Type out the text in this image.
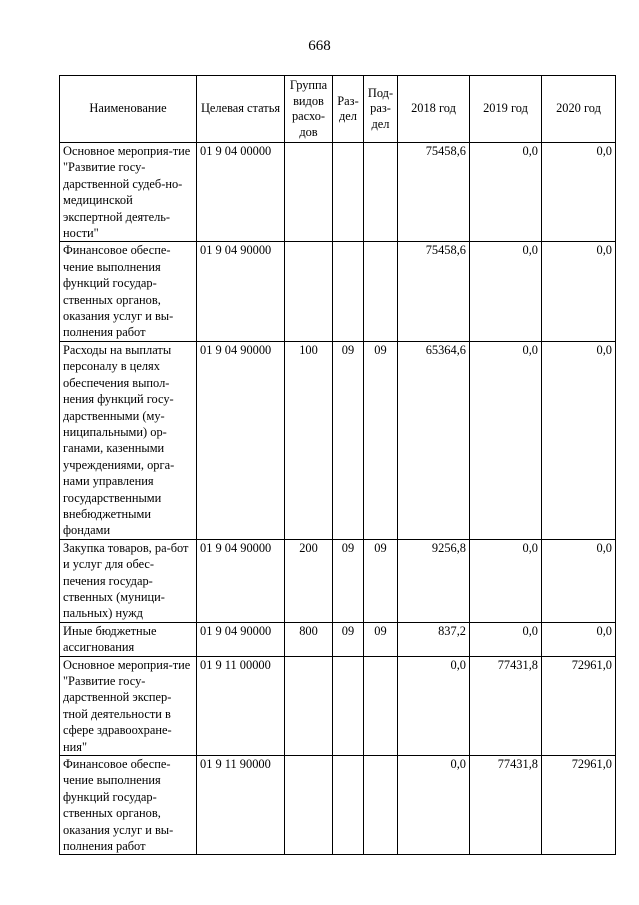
668
Наименование	Целевая статья	Группа видов расхо-дов	Раз-дел	Под-раз-дел	2018 год	2019 год	2020 год
Основное мероприя-тие "Развитие госу-дарственной судеб-но-медицинской экспертной деятель-ности"	01 9 04 00000				75458,6	0,0	0,0
Финансовое обеспе-чение выполнения функций государ-ственных органов, оказания услуг и вы-полнения работ	01 9 04 90000				75458,6	0,0	0,0
Расходы на выплаты персоналу в целях обеспечения выпол-нения функций госу-дарственными (му-ниципальными) ор-ганами, казенными учреждениями, орга-нами управления государственными внебюджетными фондами	01 9 04 90000	100	09	09	65364,6	0,0	0,0
Закупка товаров, ра-бот и услуг для обес-печения государ-ственных (муници-пальных) нужд	01 9 04 90000	200	09	09	9256,8	0,0	0,0
Иные бюджетные ассигнования	01 9 04 90000	800	09	09	837,2	0,0	0,0
Основное мероприя-тие "Развитие госу-дарственной экспер-тной деятельности в сфере здравоохране-ния"	01 9 11 00000				0,0	77431,8	72961,0
Финансовое обеспе-чение выполнения функций государ-ственных органов, оказания услуг и вы-полнения работ	01 9 11 90000				0,0	77431,8	72961,0
